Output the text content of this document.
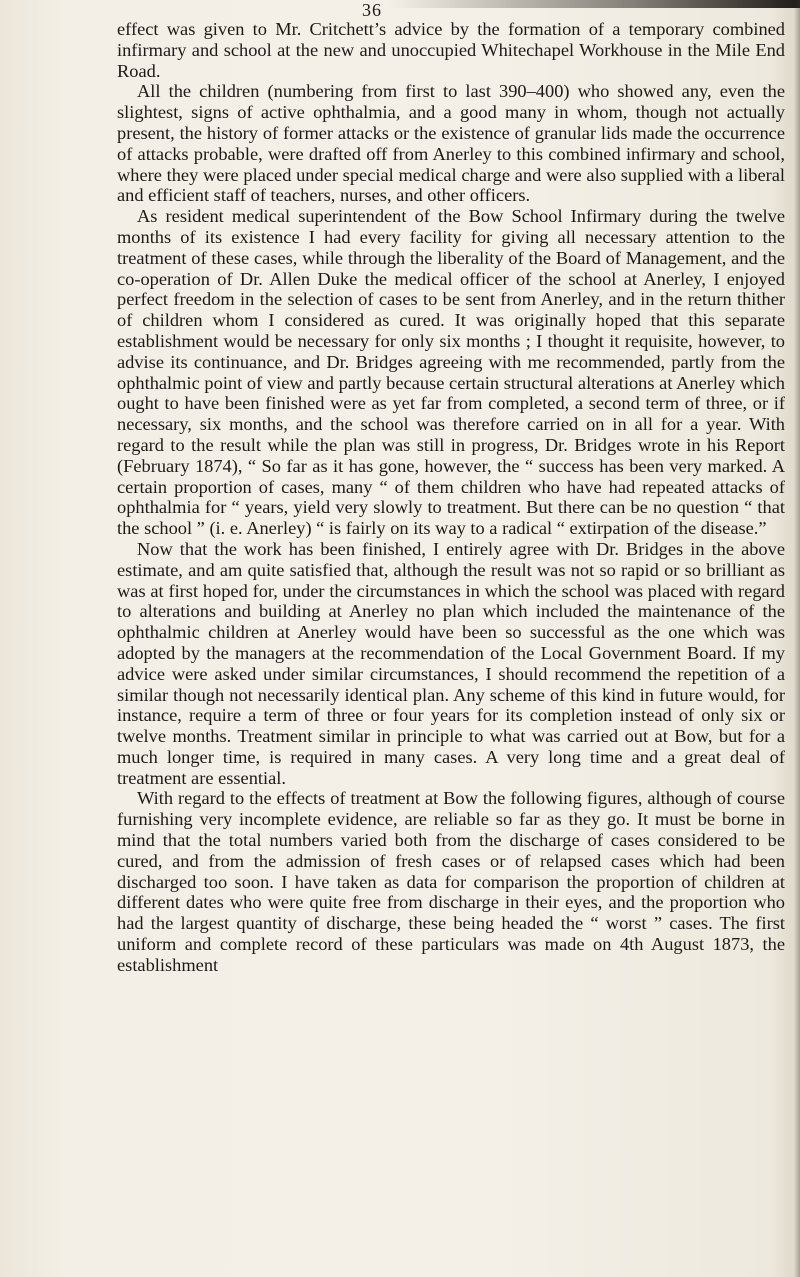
36

effect was given to Mr. Critchett’s advice by the formation of a temporary combined infirmary and school at the new and unoccupied Whitechapel Workhouse in the Mile End Road.

All the children (numbering from first to last 390–400) who showed any, even the slightest, signs of active ophthalmia, and a good many in whom, though not actually present, the history of former attacks or the existence of granular lids made the occurrence of attacks probable, were drafted off from Anerley to this combined infirmary and school, where they were placed under special medical charge and were also supplied with a liberal and efficient staff of teachers, nurses, and other officers.

As resident medical superintendent of the Bow School Infirmary during the twelve months of its existence I had every facility for giving all necessary attention to the treatment of these cases, while through the liberality of the Board of Management, and the co-operation of Dr. Allen Duke the medical officer of the school at Anerley, I enjoyed perfect freedom in the selection of cases to be sent from Anerley, and in the return thither of children whom I considered as cured. It was originally hoped that this separate establishment would be necessary for only six months ; I thought it requisite, however, to advise its continuance, and Dr. Bridges agreeing with me recommended, partly from the ophthalmic point of view and partly because certain structural alterations at Anerley which ought to have been finished were as yet far from completed, a second term of three, or if necessary, six months, and the school was therefore carried on in all for a year. With regard to the result while the plan was still in progress, Dr. Bridges wrote in his Report (February 1874), “ So far as it has gone, however, the “ success has been very marked. A certain proportion of cases, many “ of them children who have had repeated attacks of ophthalmia for “ years, yield very slowly to treatment. But there can be no question “ that the school ” (i. e. Anerley) “ is fairly on its way to a radical “ extirpation of the disease.”

Now that the work has been finished, I entirely agree with Dr. Bridges in the above estimate, and am quite satisfied that, although the result was not so rapid or so brilliant as was at first hoped for, under the circumstances in which the school was placed with regard to alterations and building at Anerley no plan which included the maintenance of the ophthalmic children at Anerley would have been so successful as the one which was adopted by the managers at the recommendation of the Local Government Board. If my advice were asked under similar circumstances, I should recommend the repetition of a similar though not necessarily identical plan. Any scheme of this kind in future would, for instance, require a term of three or four years for its completion instead of only six or twelve months. Treatment similar in principle to what was carried out at Bow, but for a much longer time, is required in many cases. A very long time and a great deal of treatment are essential.

With regard to the effects of treatment at Bow the following figures, although of course furnishing very incomplete evidence, are reliable so far as they go. It must be borne in mind that the total numbers varied both from the discharge of cases considered to be cured, and from the admission of fresh cases or of relapsed cases which had been discharged too soon. I have taken as data for comparison the proportion of children at different dates who were quite free from discharge in their eyes, and the proportion who had the largest quantity of discharge, these being headed the “ worst ” cases. The first uniform and complete record of these particulars was made on 4th August 1873, the establishment
